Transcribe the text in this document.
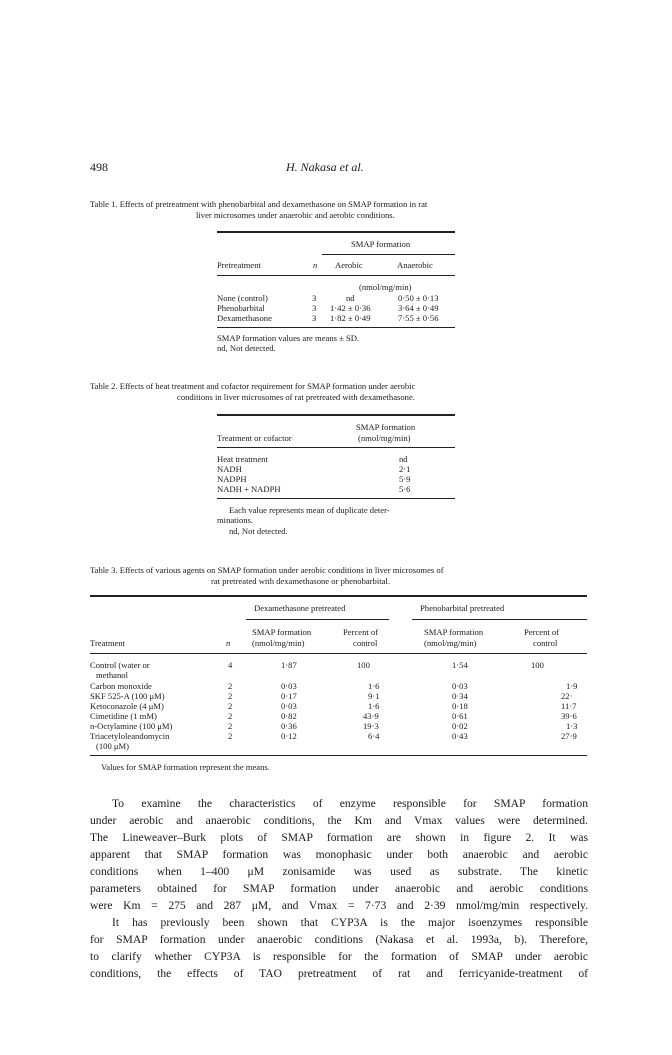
498	H. Nakasa et al.
Table 1. Effects of pretreatment with phenobarbital and dexamethasone on SMAP formation in rat
liver microsomes under anaerobic and aerobic conditions.
SMAP formation
Pretreatment	n Aerobic	Anaerobic
(nmol/mg/min)
None (control)	3	nd	0·50 ± 0·13
Phenobarbital	3 1·42 ± 0·36	3·64 ± 0·49
Dexamethasone	3 1·82 ± 0·49	7·55 ± 0·56
SMAP formation values are means ± SD.
nd, Not detected.
Table 2. Effects of heat treatment and cofactor requirement for SMAP formation under aerobic
conditions in liver microsomes of rat pretreated with dexamethasone.
SMAP formation
Treatment or cofactor	(nmol/mg/min)
Heat treatment	nd
NADH	2·1
NADPH	5·9
NADH + NADPH	5·6
Each value represents mean of duplicate deter-
minations.
nd, Not detected.
Table 3. Effects of various agents on SMAP formation under aerobic conditions in liver microsomes of
rat pretreated with dexamethasone or phenobarbital.
Dexamethasone pretreated	Phenobarbital pretreated
SMAP formation	Percent of	SMAP formation	Percent of
Treatment	n	(nmol/mg/min)	control	(nmol/mg/min)	control
Control (water or
methanol
4	1·87	100	1·54	100
Carbon monoxide	2	0·03	1·6	0·03	1·9
SKF 525-A (100 μM)	2	0·17	9·1	0·34	22·
Ketoconazole (4 μM)	2	0·03	1·6	0·18	11·7
Cimetidine (1 mM)	2	0·82	43·9	0·61	39·6
n-Octylamine (100 μM)	2	0·36	19·3	0·02	1·3
Triacetyloleandomycin
(100 μM)
2	0·12	6·4	0·43	27·9
Values for SMAP formation represent the means.
To examine the characteristics of enzyme responsible for SMAP formation
under aerobic and anaerobic conditions, the Km and Vmax values were determined.
The Lineweaver–Burk plots of SMAP formation are shown in figure 2. It was
apparent that SMAP formation was monophasic under both anaerobic and aerobic
conditions when 1–400 μM zonisamide was used as substrate. The kinetic
parameters obtained for SMAP formation under anaerobic and aerobic conditions
were Km = 275 and 287 μM, and Vmax = 7·73 and 2·39 nmol/mg/min respectively.
It has previously been shown that CYP3A is the major isoenzymes responsible
for SMAP formation under anaerobic conditions (Nakasa et al. 1993a, b). Therefore,
to clarify whether CYP3A is responsible for the formation of SMAP under aerobic
conditions, the effects of TAO pretreatment of rat and ferricyanide-treatment of
